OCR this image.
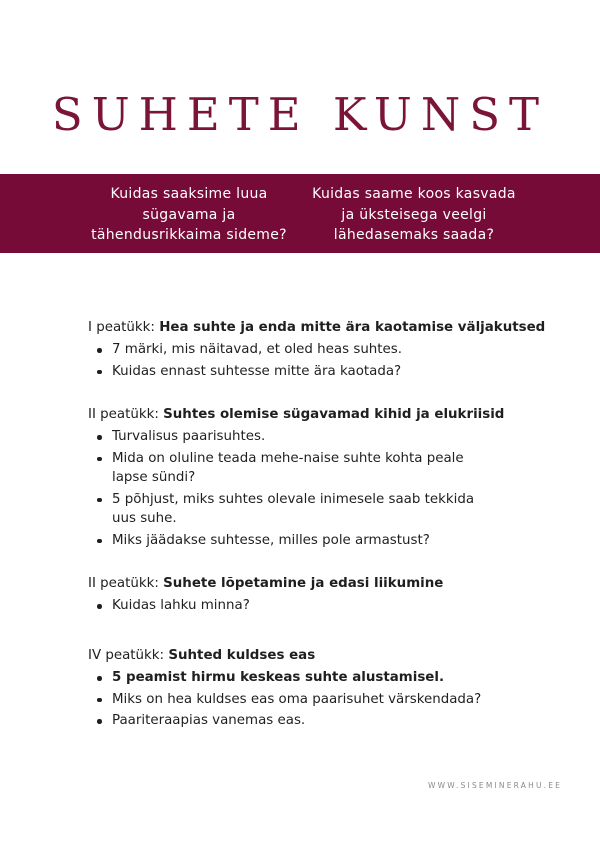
SUHETE KUNST
Kuidas saaksime luua
sügavama ja
tähendusrikkaima sideme?
Kuidas saame koos kasvada
ja üksteisega veelgi
lähedasemaks saada?

I peatükk: Hea suhte ja enda mitte ära kaotamise väljakutsed

7 märki, mis näitavad, et oled heas suhtes.
Kuidas ennast suhtesse mitte ära kaotada?

II peatükk: Suhtes olemise sügavamad kihid ja elukriisid

Turvalisus paarisuhtes.
Mida on oluline teada mehe-naise suhte kohta peale lapse sündi?
5 põhjust, miks suhtes olevale inimesele saab tekkida uus suhe.
Miks jäädakse suhtesse, milles pole armastust?

II peatükk: Suhete lõpetamine ja edasi liikumine

Kuidas lahku minna?

IV peatükk: Suhted kuldses eas

5 peamist hirmu keskeas suhte alustamisel.
Miks on hea kuldses eas oma paarisuhet värskendada?
Paariteraapias vanemas eas.
WWW.SISEMINERAHU.EE
